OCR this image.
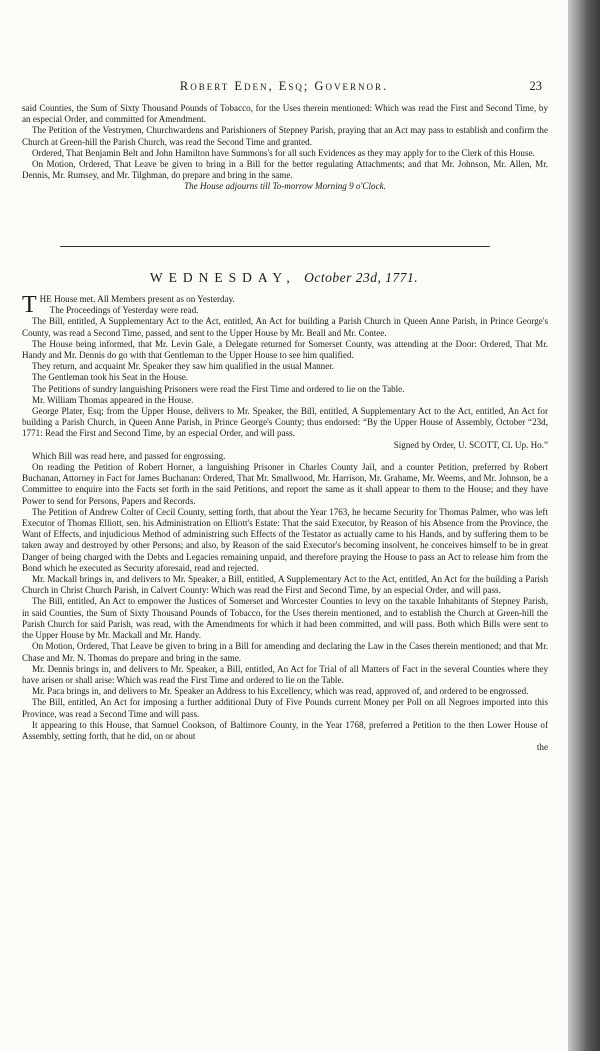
Robert Eden, Esq; Governor.	23

said Counties, the Sum of Sixty Thousand Pounds of Tobacco, for the Uses therein mentioned: Which was read the First and Second Time, by an especial Order, and committed for Amendment.

The Petition of the Vestrymen, Churchwardens and Parishioners of Stepney Parish, praying that an Act may pass to establish and confirm the Church at Green-hill the Parish Church, was read the Second Time and granted.

Ordered, That Benjamin Belt and John Hamilton have Summons's for all such Evidences as they may apply for to the Clerk of this House.

On Motion, Ordered, That Leave be given to bring in a Bill for the better regulating Attachments; and that Mr. Johnson, Mr. Allen, Mr. Dennis, Mr. Rumsey, and Mr. Tilghman, do prepare and bring in the same.

The House adjourns till To-morrow Morning 9 o'Clock.

WEDNESDAY, October 23d, 1771.

THE House met. All Members present as on Yesterday.

The Proceedings of Yesterday were read.

The Bill, entitled, A Supplementary Act to the Act, entitled, An Act for building a Parish Church in Queen Anne Parish, in Prince George's County, was read a Second Time, passed, and sent to the Upper House by Mr. Beall and Mr. Contee.

The House being informed, that Mr. Levin Gale, a Delegate returned for Somerset County, was attending at the Door: Ordered, That Mr. Handy and Mr. Dennis do go with that Gentleman to the Upper House to see him qualified.

They return, and acquaint Mr. Speaker they saw him qualified in the usual Manner.

The Gentleman took his Seat in the House.

The Petitions of sundry languishing Prisoners were read the First Time and ordered to lie on the Table.

Mr. William Thomas appeared in the House.

George Plater, Esq; from the Upper House, delivers to Mr. Speaker, the Bill, entitled, A Supplementary Act to the Act, entitled, An Act for building a Parish Church, in Queen Anne Parish, in Prince George's County; thus endorsed: “By the Upper House of Assembly, October “23d, 1771: Read the First and Second Time, by an especial Order, and will pass.

Signed by Order, U. SCOTT, Cl. Up. Ho.”

Which Bill was read here, and passed for engrossing.

On reading the Petition of Robert Horner, a languishing Prisoner in Charles County Jail, and a counter Petition, preferred by Robert Buchanan, Attorney in Fact for James Buchanan: Ordered, That Mr. Smallwood, Mr. Harrison, Mr. Grahame, Mr. Weems, and Mr. Johnson, be a Committee to enquire into the Facts set forth in the said Petitions, and report the same as it shall appear to them to the House; and they have Power to send for Persons, Papers and Records.

The Petition of Andrew Colter of Cecil County, setting forth, that about the Year 1763, he became Security for Thomas Palmer, who was left Executor of Thomas Elliott, sen. his Administration on Elliott's Estate: That the said Executor, by Reason of his Absence from the Province, the Want of Effects, and injudicious Method of administring such Effects of the Testator as actually came to his Hands, and by suffering them to be taken away and destroyed by other Persons; and also, by Reason of the said Executor's becoming insolvent, he conceives himself to be in great Danger of being charged with the Debts and Legacies remaining unpaid, and therefore praying the House to pass an Act to release him from the Bond which he executed as Security aforesaid, read and rejected.

Mr. Mackall brings in, and delivers to Mr. Speaker, a Bill, entitled, A Supplementary Act to the Act, entitled, An Act for the building a Parish Church in Christ Church Parish, in Calvert County: Which was read the First and Second Time, by an especial Order, and will pass.

The Bill, entitled, An Act to empower the Justices of Somerset and Worcester Counties to levy on the taxable Inhabitants of Stepney Parish, in said Counties, the Sum of Sixty Thousand Pounds of Tobacco, for the Uses therein mentioned, and to establish the Church at Green-hill the Parish Church for said Parish, was read, with the Amendments for which it had been committed, and will pass. Both which Bills were sent to the Upper House by Mr. Mackall and Mr. Handy.

On Motion, Ordered, That Leave be given to bring in a Bill for amending and declaring the Law in the Cases therein mentioned; and that Mr. Chase and Mr. N. Thomas do prepare and bring in the same.

Mr. Dennis brings in, and delivers to Mr. Speaker, a Bill, entitled, An Act for Trial of all Matters of Fact in the several Counties where they have arisen or shall arise: Which was read the First Time and ordered to lie on the Table.

Mr. Paca brings in, and delivers to Mr. Speaker an Address to his Excellency, which was read, approved of, and ordered to be engrossed.

The Bill, entitled, An Act for imposing a further additional Duty of Five Pounds current Money per Poll on all Negroes imported into this Province, was read a Second Time and will pass.

It appearing to this House, that Samuel Cookson, of Baltimore County, in the Year 1768, preferred a Petition to the then Lower House of Assembly, setting forth, that he did, on or about

the
